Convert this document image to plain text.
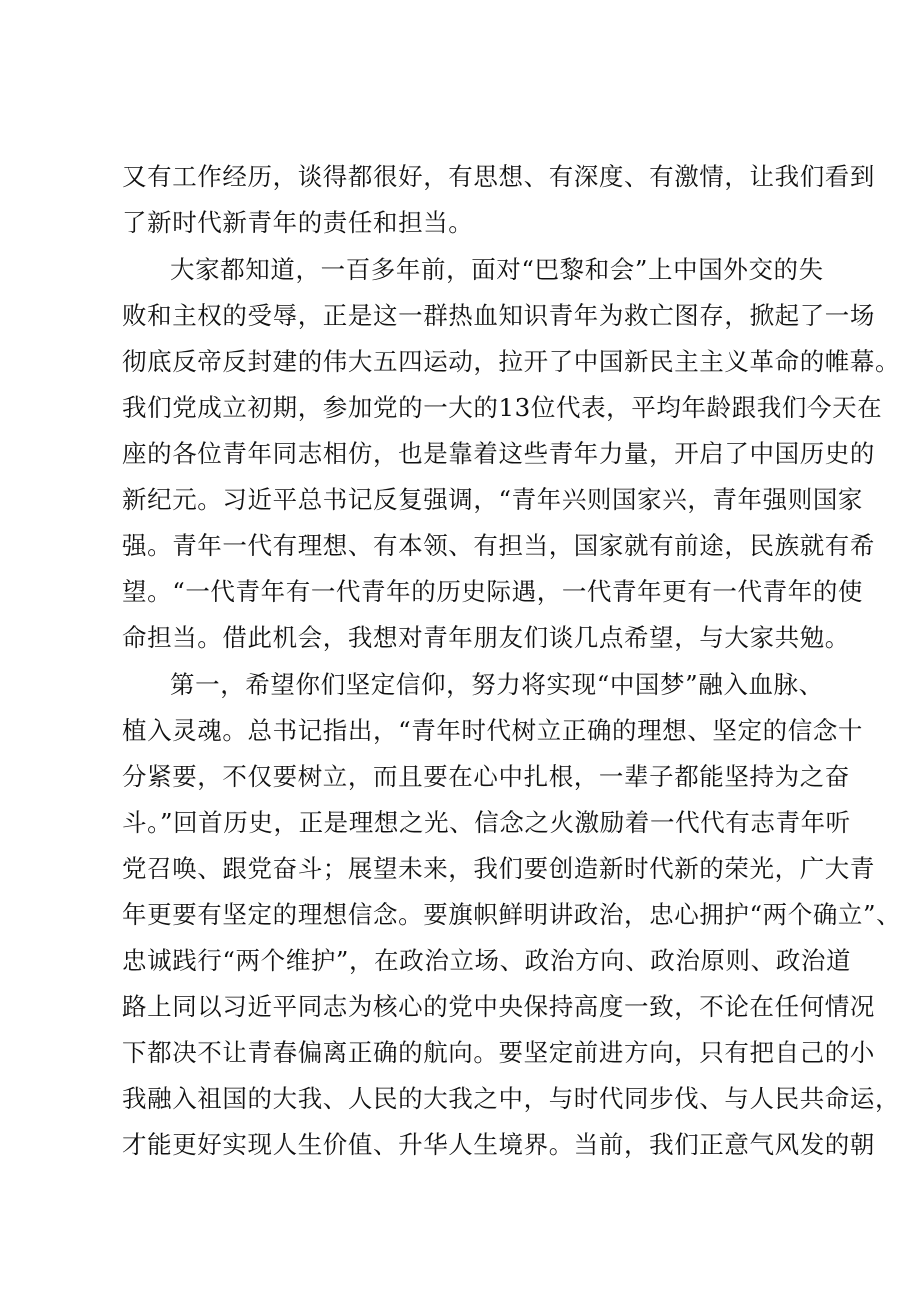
又有工作经历，谈得都很好，有思想、有深度、有激情，让我们看到
了新时代新青年的责任和担当。
大家都知道，一百多年前，面对“巴黎和会”上中国外交的失
败和主权的受辱，正是这一群热血知识青年为救亡图存，掀起了一场
彻底反帝反封建的伟大五四运动，拉开了中国新民主主义革命的帷幕。
我们党成立初期，参加党的一大的13位代表，平均年龄跟我们今天在
座的各位青年同志相仿，也是靠着这些青年力量，开启了中国历史的
新纪元。习近平总书记反复强调，“青年兴则国家兴，青年强则国家
强。青年一代有理想、有本领、有担当，国家就有前途，民族就有希
望。“一代青年有一代青年的历史际遇，一代青年更有一代青年的使
命担当。借此机会，我想对青年朋友们谈几点希望，与大家共勉。
第一，希望你们坚定信仰，努力将实现“中国梦”融入血脉、
植入灵魂。总书记指出，“青年时代树立正确的理想、坚定的信念十
分紧要，不仅要树立，而且要在心中扎根，一辈子都能坚持为之奋
斗。”回首历史，正是理想之光、信念之火激励着一代代有志青年听
党召唤、跟党奋斗；展望未来，我们要创造新时代新的荣光，广大青
年更要有坚定的理想信念。要旗帜鲜明讲政治，忠心拥护“两个确立”、
忠诚践行“两个维护”，在政治立场、政治方向、政治原则、政治道
路上同以习近平同志为核心的党中央保持高度一致，不论在任何情况
下都决不让青春偏离正确的航向。要坚定前进方向，只有把自己的小
我融入祖国的大我、人民的大我之中，与时代同步伐、与人民共命运，
才能更好实现人生价值、升华人生境界。当前，我们正意气风发的朝
